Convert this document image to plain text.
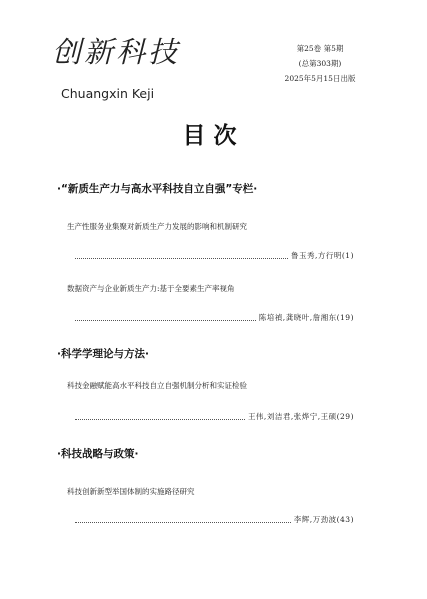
创新科技
Chuangxin Keji
第25卷 第5期
(总第303期)
2025年5月15日出版
目次
·“新质生产力与高水平科技自立自强”专栏·
生产性服务业集聚对新质生产力发展的影响和机制研究
鲁玉秀,方行明(1)
数据资产与企业新质生产力:基于全要素生产率视角
陈培禎,龚晓叶,詹湘东(19)
·科学学理论与方法·
科技金融赋能高水平科技自立自强机制分析和实证检验
王伟,刘洁君,张烨宁,王硕(29)
·科技战略与政策·
科技创新新型举国体制的实施路径研究
李辉,万劲波(43)
